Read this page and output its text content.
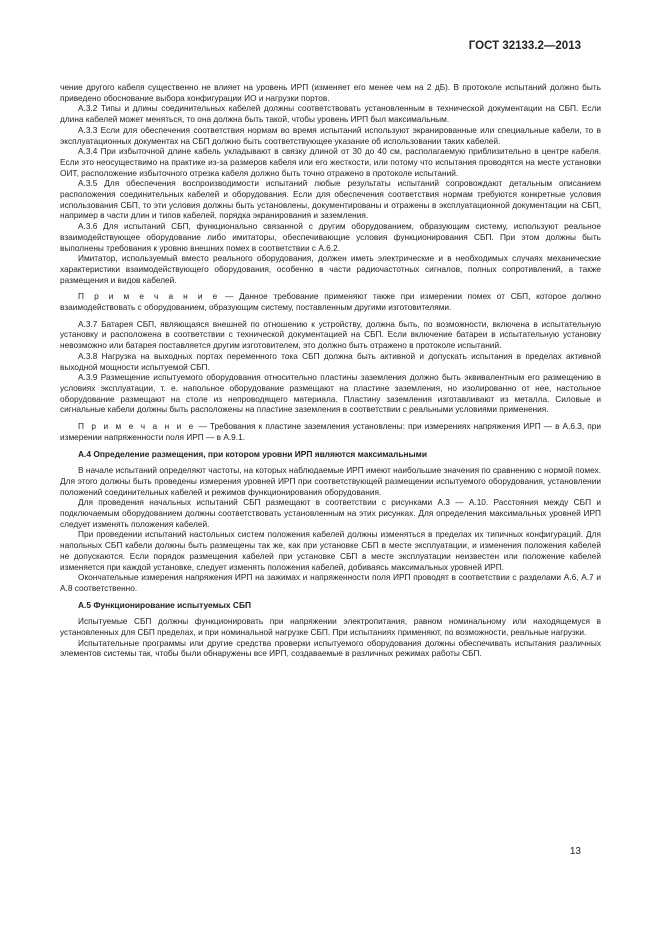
ГОСТ 32133.2—2013

чение другого кабеля существенно не влияет на уровень ИРП (изменяет его менее чем на 2 дБ). В протоколе испытаний должно быть приведено обоснование выбора конфигурации ИО и нагрузки портов.

А.3.2 Типы и длины соединительных кабелей должны соответствовать установленным в технической документации на СБП. Если длина кабелей может меняться, то она должна быть такой, чтобы уровень ИРП был максимальным.

А.3.3 Если для обеспечения соответствия нормам во время испытаний используют экранированные или специальные кабели, то в эксплуатационных документах на СБП должно быть соответствующее указание об использовании таких кабелей.

А.3.4 При избыточной длине кабель укладывают в связку длиной от 30 до 40 см, располагаемую приблизительно в центре кабеля. Если это неосуществимо на практике из-за размеров кабеля или его жесткости, или потому что испытания проводятся на месте установки ОИТ, расположение избыточного отрезка кабеля должно быть точно отражено в протоколе испытаний.

А.3.5 Для обеспечения воспроизводимости испытаний любые результаты испытаний сопровождают детальным описанием расположения соединительных кабелей и оборудования. Если для обеспечения соответствия нормам требуются конкретные условия использования СБП, то эти условия должны быть установлены, документированы и отражены в эксплуатационной документации на СБП, например в части длин и типов кабелей, порядка экранирования и заземления.

А.3.6 Для испытаний СБП, функционально связанной с другим оборудованием, образующим систему, используют реальное взаимодействующее оборудование либо имитаторы, обеспечивающие условия функционирования СБП. При этом должны быть выполнены требования к уровню внешних помех в соответствии с А.6.2.

Имитатор, используемый вместо реального оборудования, должен иметь электрические и в необходимых случаях механические характеристики взаимодействующего оборудования, особенно в части радиочастотных сигналов, полных сопротивлений, а также размещения и видов кабелей.

П р и м е ч а н и е — Данное требование применяют также при измерении помех от СБП, которое должно взаимодействовать с оборудованием, образующим систему, поставленным другими изготовителями.

А.3.7 Батарея СБП, являющаяся внешней по отношению к устройству, должна быть, по возможности, включена в испытательную установку и расположена в соответствии с технической документацией на СБП. Если включение батареи в испытательную установку невозможно или батарея поставляется другим изготовителем, это должно быть отражено в протоколе испытаний.

А.3.8 Нагрузка на выходных портах переменного тока СБП должна быть активной и допускать испытания в пределах активной выходной мощности испытуемой СБП.

А.3.9 Размещение испытуемого оборудования относительно пластины заземления должно быть эквивалентным его размещению в условиях эксплуатации, т. е. напольное оборудование размещают на пластине заземления, но изолированно от нее, настольное оборудование размещают на столе из непроводящего материала. Пластину заземления изготавливают из металла. Силовые и сигнальные кабели должны быть расположены на пластине заземления в соответствии с реальными условиями применения.

П р и м е ч а н и е — Требования к пластине заземления установлены: при измерениях напряжения ИРП — в А.6.3, при измерении напряженности поля ИРП — в А.9.1.

А.4 Определение размещения, при котором уровни ИРП являются максимальными

В начале испытаний определяют частоты, на которых наблюдаемые ИРП имеют наибольшие значения по сравнению с нормой помех. Для этого должны быть проведены измерения уровней ИРП при соответствующей размещении испытуемого оборудования, установлении положений соединительных кабелей и режимов функционирования оборудования.

Для проведения начальных испытаний СБП размещают в соответствии с рисунками А.3 — А.10. Расстояния между СБП и подключаемым оборудованием должны соответствовать установленным на этих рисунках. Для определения максимальных уровней ИРП следует изменять положения кабелей.

При проведении испытаний настольных систем положения кабелей должны изменяться в пределах их типичных конфигураций. Для напольных СБП кабели должны быть размещены так же, как при установке СБП в месте эксплуатации, и изменения положения кабелей не допускаются. Если порядок размещения кабелей при установке СБП в месте эксплуатации неизвестен или положение кабелей изменяется при каждой установке, следует изменять положения кабелей, добиваясь максимальных уровней ИРП.

Окончательные измерения напряжения ИРП на зажимах и напряженности поля ИРП проводят в соответствии с разделами А.6, А.7 и А.8 соответственно.

А.5 Функционирование испытуемых СБП

Испытуемые СБП должны функционировать при напряжении электропитания, равном номинальному или находящемуся в установленных для СБП пределах, и при номинальной нагрузке СБП. При испытаниях применяют, по возможности, реальные нагрузки.

Испытательные программы или другие средства проверки испытуемого оборудования должны обеспечивать испытания различных элементов системы так, чтобы были обнаружены все ИРП, создаваемые в различных режимах работы СБП.

13
